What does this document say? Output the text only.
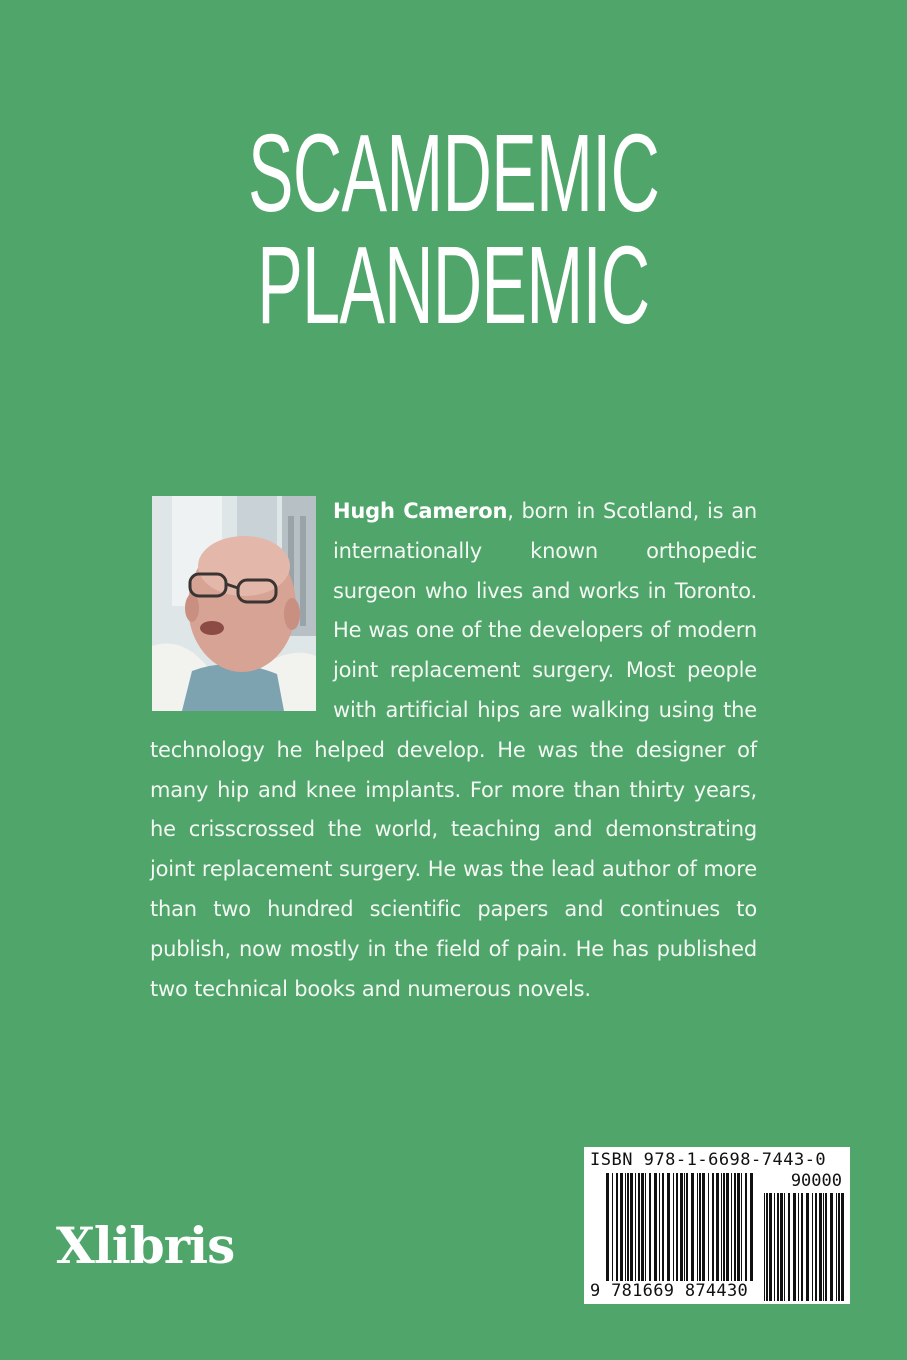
SCAMDEMIC
PLANDEMIC
Hugh Cameron, born in Scotland, is an internationally known orthopedic surgeon who lives and works in Toronto. He was one of the developers of modern joint replacement surgery. Most people with artificial hips are walking using the technology he helped develop. He was the designer of many hip and knee implants. For more than thirty years, he crisscrossed the world, teaching and demonstrating joint replacement surgery. He was the lead author of more than two hundred scientific papers and continues to publish, now mostly in the field of pain. He has published two technical books and numerous novels.
Xlibris
ISBN 978-1-6698-7443-0
90000
9 781669 874430
